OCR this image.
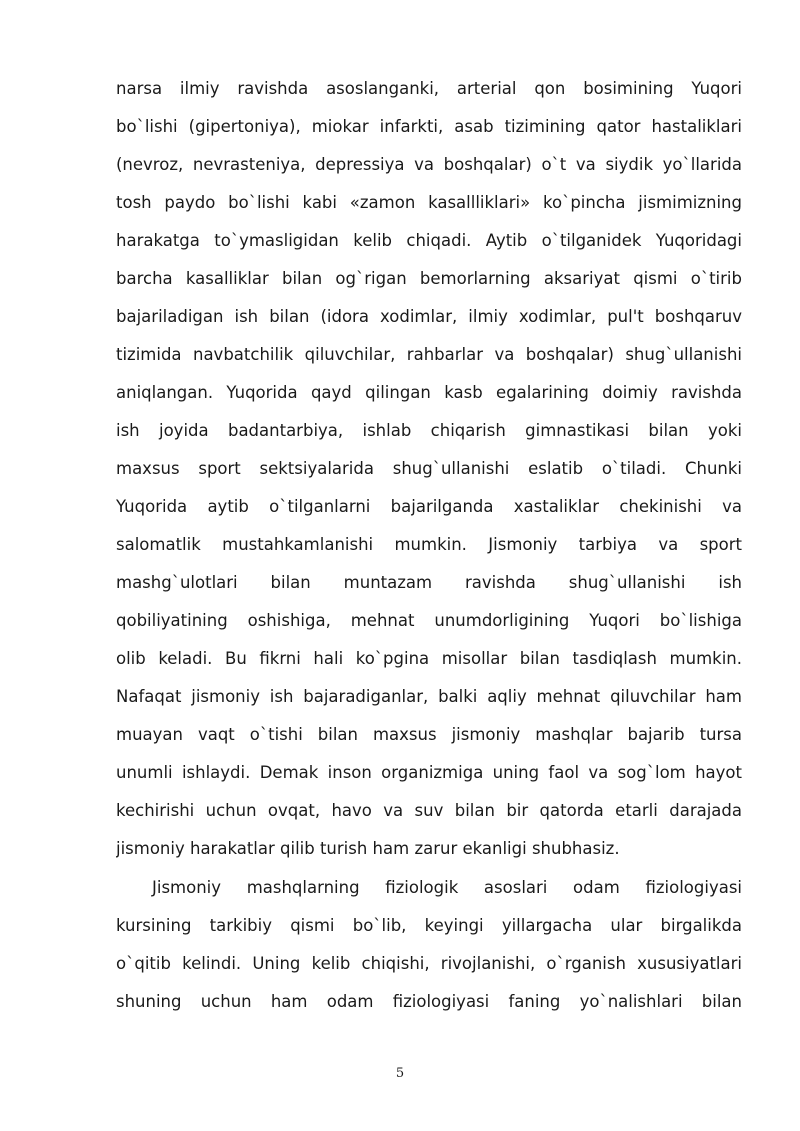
narsa ilmiy ravishda asoslanganki, arterial qon bosimining Yuqori
bo`lishi (gipertoniya), miokar infarkti, asab tizimining qator hastaliklari
(nevroz, nevrasteniya, depressiya va boshqalar) o`t va siydik yo`llarida
tosh paydo bo`lishi kabi «zamon kasallliklari» ko`pincha jismimizning
harakatga to`ymasligidan kelib chiqadi. Aytib o`tilganidek Yuqoridagi
barcha kasalliklar bilan og`rigan bemorlarning aksariyat qismi o`tirib
bajariladigan ish bilan (idora xodimlar, ilmiy xodimlar, pul't boshqaruv
tizimida navbatchilik qiluvchilar, rahbarlar va boshqalar) shug`ullanishi
aniqlangan. Yuqorida qayd qilingan kasb egalarining doimiy ravishda
ish joyida badantarbiya, ishlab chiqarish gimnastikasi bilan yoki
maxsus sport sektsiyalarida shug`ullanishi eslatib o`tiladi. Chunki
Yuqorida aytib o`tilganlarni bajarilganda xastaliklar chekinishi va
salomatlik mustahkamlanishi mumkin. Jismoniy tarbiya va sport
mashg`ulotlari bilan muntazam ravishda shug`ullanishi ish
qobiliyatining oshishiga, mehnat unumdorligining Yuqori bo`lishiga
olib keladi. Bu fikrni hali ko`pgina misollar bilan tasdiqlash mumkin.
Nafaqat jismoniy ish bajaradiganlar, balki aqliy mehnat qiluvchilar ham
muayan vaqt o`tishi bilan maxsus jismoniy mashqlar bajarib tursa
unumli ishlaydi. Demak inson organizmiga uning faol va sog`lom hayot
kechirishi uchun ovqat, havo va suv bilan bir qatorda etarli darajada
jismoniy harakatlar qilib turish ham zarur ekanligi shubhasiz.
Jismoniy mashqlarning fiziologik asoslari odam fiziologiyasi
kursining tarkibiy qismi bo`lib, keyingi yillargacha ular birgalikda
o`qitib kelindi. Uning kelib chiqishi, rivojlanishi, o`rganish xususiyatlari
shuning uchun ham odam fiziologiyasi faning yo`nalishlari bilan
5
